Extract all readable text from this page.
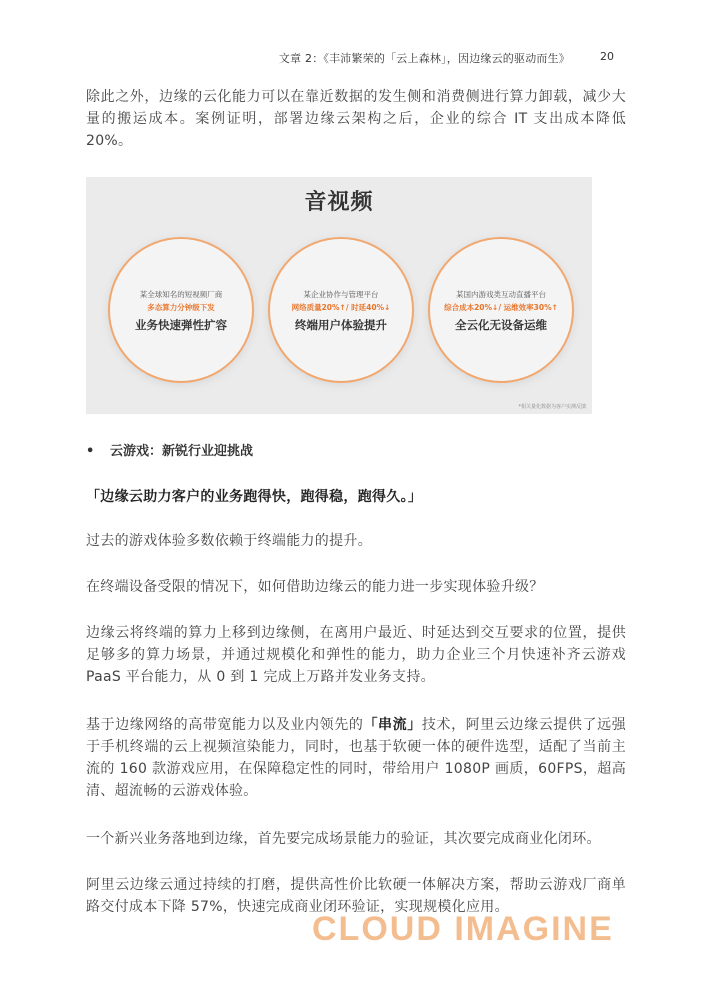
文章 2：《丰沛繁荣的「云上森林」，因边缘云的驱动而生》	20
除此之外，边缘的云化能力可以在靠近数据的发生侧和消费侧进行算力卸载，减少大量的搬运成本。案例证明，部署边缘云架构之后，企业的综合 IT 支出成本降低 20%。
音视频
某全球知名的短视频厂商
多态算力分钟级下发
业务快速弹性扩容
某企业协作与管理平台
网络质量20%↑/ 时延40%↓
终端用户体验提升
某国内游戏类互动直播平台
综合成本20%↓/ 运维效率30%↑
全云化无设备运维
*相关量化数据为客户实测反馈
• 云游戏：新锐行业迎挑战
「边缘云助力客户的业务跑得快，跑得稳，跑得久。」
过去的游戏体验多数依赖于终端能力的提升。
在终端设备受限的情况下，如何借助边缘云的能力进一步实现体验升级？
边缘云将终端的算力上移到边缘侧，在离用户最近、时延达到交互要求的位置，提供足够多的算力场景，并通过规模化和弹性的能力，助力企业三个月快速补齐云游戏 PaaS 平台能力，从 0 到 1 完成上万路并发业务支持。
基于边缘网络的高带宽能力以及业内领先的「串流」技术，阿里云边缘云提供了远强于手机终端的云上视频渲染能力，同时，也基于软硬一体的硬件选型，适配了当前主流的 160 款游戏应用，在保障稳定性的同时，带给用户 1080P 画质，60FPS，超高清、超流畅的云游戏体验。
一个新兴业务落地到边缘，首先要完成场景能力的验证，其次要完成商业化闭环。
阿里云边缘云通过持续的打磨，提供高性价比软硬一体解决方案，帮助云游戏厂商单路交付成本下降 57%，快速完成商业闭环验证，实现规模化应用。
CLOUD IMAGINE
